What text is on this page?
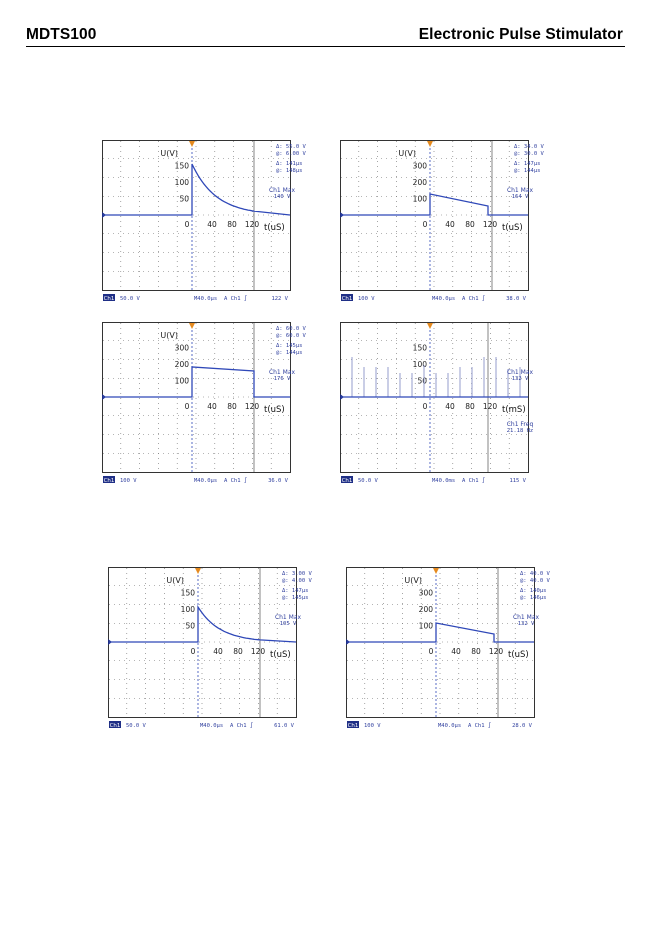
MDTS100	Electronic Pulse Stimulator
U(V)
150
100
50
0 40 80 120 t(uS)
Δ: 55.0 V
@: 6.00 V
Δ: 141µs
@: 148µs
Ch1 Max
140 V
Ch1 50.0 V	M40.0µs A Ch1 ∫	122 V
U(V)
300
200
100
0 40 80 120 t(uS)
Δ: 34.0 V
@: 30.0 V
Δ: 147µs
@: 144µs
Ch1 Max
164 V
Ch1 100 V	M40.0µs A Ch1 ∫	38.0 V
U(V)
300
200
100
0 40 80 120 t(uS)
Δ: 60.0 V
@: 60.0 V
Δ: 145µs
@: 144µs
Ch1 Max
176 V
Ch1 100 V	M40.0µs A Ch1 ∫	36.0 V
150
100
50
0 40 80 120 t(mS)
Ch1 Max
132 V
Ch1 Freq
21.18 Hz
Ch1 50.0 V	M40.0ms A Ch1 ∫	115 V
U(V)
150
100
50
0 40 80 120 t(uS)
Δ: 3.00 V
@: 4.00 V
Δ: 147µs
@: 145µs
Ch1 Max
105 V
Ch1 50.0 V	M40.0µs A Ch1 ∫	61.0 V
U(V)
300
200
100
0 40 80 120 t(uS)
Δ: 40.0 V
@: 40.0 V
Δ: 140µs
@: 146µs
Ch1 Max
132 V
Ch1 100 V	M40.0µs A Ch1 ∫	28.0 V
